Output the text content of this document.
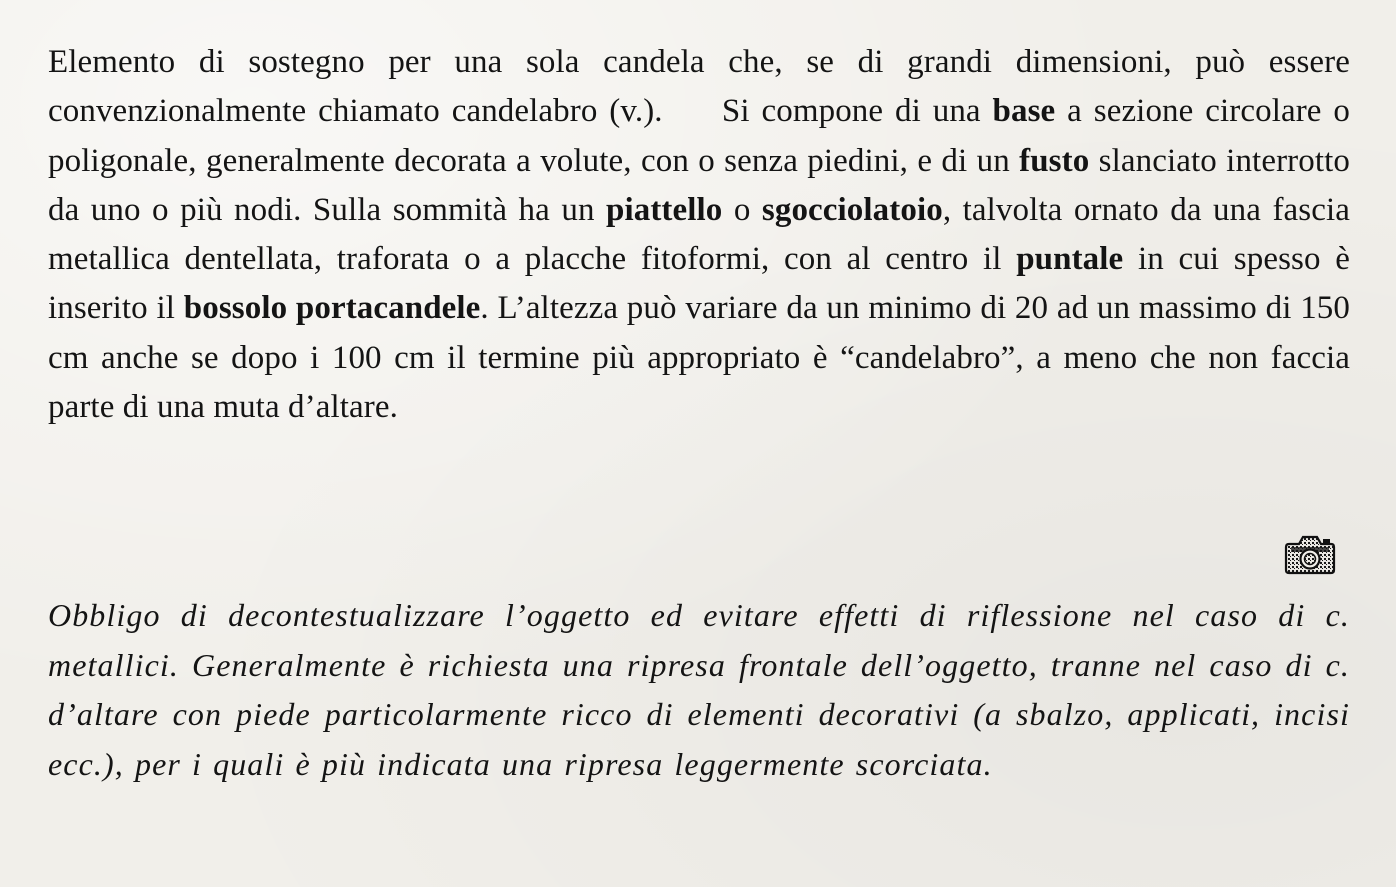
Elemento di sostegno per una sola candela che, se di grandi dimensioni, può essere convenzionalmente chiamato candelabro (v.). Si compone di una base a sezione circolare o poligonale, generalmente decorata a volute, con o senza piedini, e di un fusto slanciato interrotto da uno o più nodi. Sulla sommità ha un piattello o sgocciolatoio, talvolta ornato da una fascia metallica dentellata, traforata o a placche fitoformi, con al centro il puntale in cui spesso è inserito il bossolo portacandele. L’altezza può variare da un minimo di 20 ad un massimo di 150 cm anche se dopo i 100 cm il termine più appropriato è “candelabro”, a meno che non faccia parte di una muta d’altare.

Obbligo di decontestualizzare l’oggetto ed evitare effetti di riflessione nel caso di c. metallici. Generalmente è richiesta una ripresa frontale dell’oggetto, tranne nel caso di c. d’altare con piede particolarmente ricco di elementi decorativi (a sbalzo, applicati, incisi ecc.), per i quali è più indicata una ripresa leggermente scorciata.
